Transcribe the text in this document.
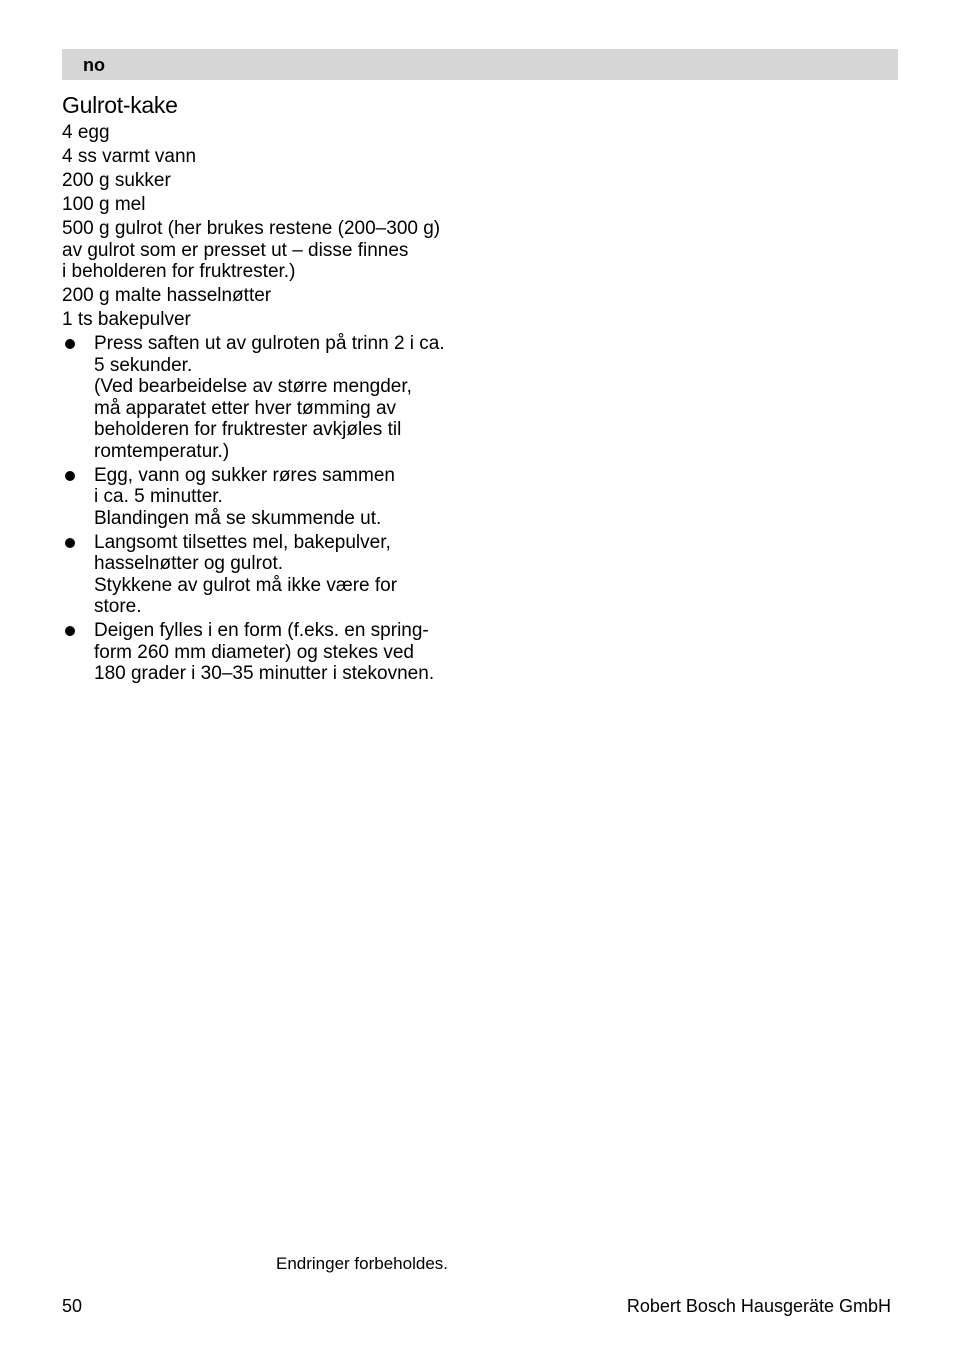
no
Gulrot-kake

4 egg

4 ss varmt vann

200 g sukker

100 g mel

500 g gulrot (her brukes restene (200–300 g)
av gulrot som er presset ut – disse finnes
i beholderen for fruktrester.)

200 g malte hasselnøtter

1 ts bakepulver

Press saften ut av gulroten på trinn 2 i ca.
5 sekunder.
(Ved bearbeidelse av større mengder,
må apparatet etter hver tømming av
beholderen for fruktrester avkjøles til
romtemperatur.)
Egg, vann og sukker røres sammen
i ca. 5 minutter.
Blandingen må se skummende ut.
Langsomt tilsettes mel, bakepulver,
hasselnøtter og gulrot.
Stykkene av gulrot må ikke være for
store.
Deigen fylles i en form (f.eks. en spring-
form 260 mm diameter) og stekes ved
180 grader i 30–35 minutter i stekovnen.
Endringer forbeholdes.
50	Robert Bosch Hausgeräte GmbH
